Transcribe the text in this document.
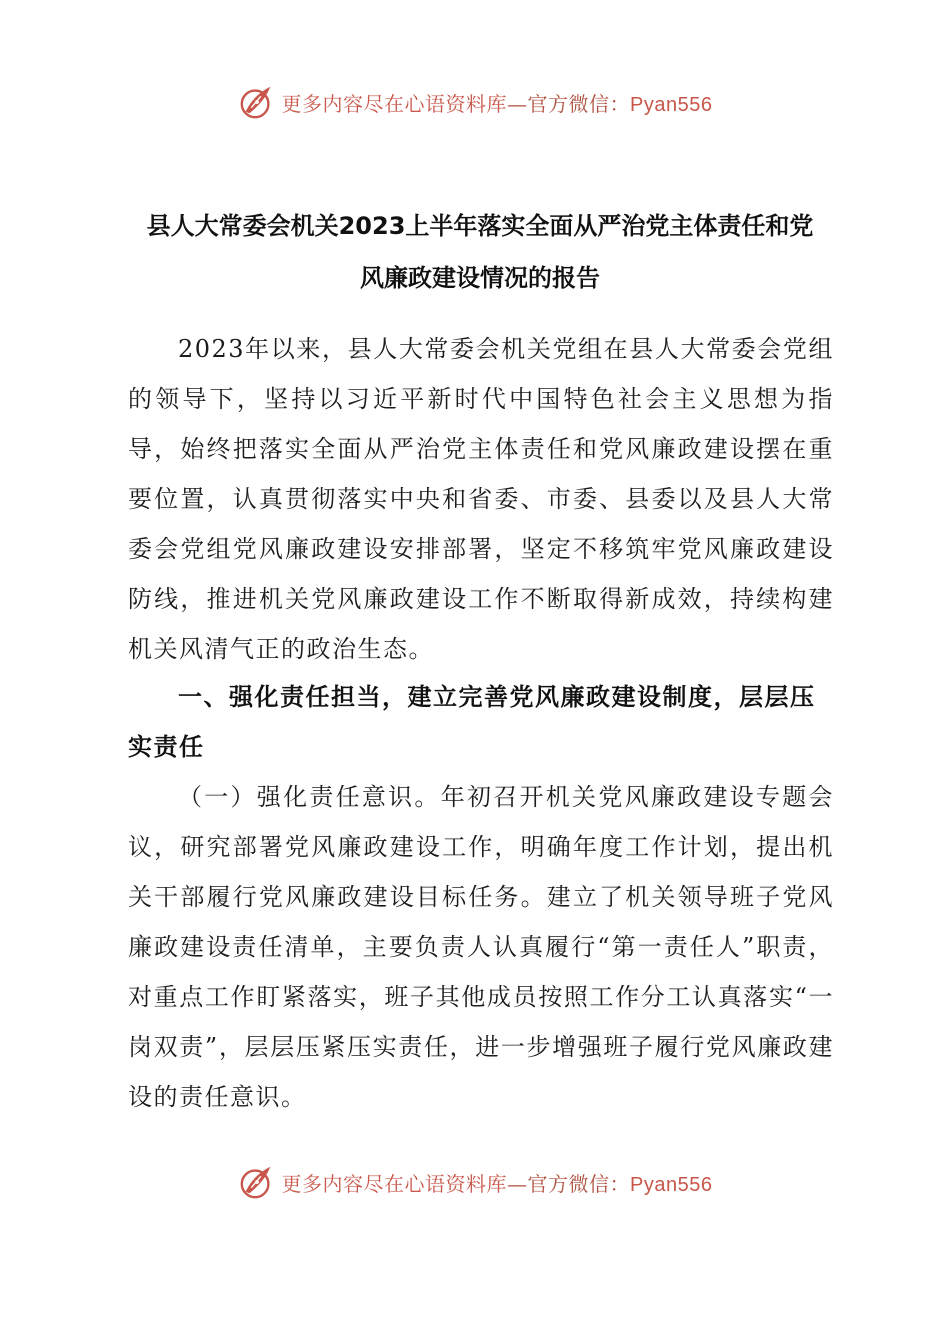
更多内容尽在心语资料库—官方微信：Pyan556
县人大常委会机关2023上半年落实全面从严治党主体责任和党
风廉政建设情况的报告

2023年以来，县人大常委会机关党组在县人大常委会党组的领导下，坚持以习近平新时代中国特色社会主义思想为指导，始终把落实全面从严治党主体责任和党风廉政建设摆在重要位置，认真贯彻落实中央和省委、市委、县委以及县人大常委会党组党风廉政建设安排部署，坚定不移筑牢党风廉政建设防线，推进机关党风廉政建设工作不断取得新成效，持续构建机关风清气正的政治生态。

一、强化责任担当，建立完善党风廉政建设制度，层层压实责任

（一）强化责任意识。年初召开机关党风廉政建设专题会议，研究部署党风廉政建设工作，明确年度工作计划，提出机关干部履行党风廉政建设目标任务。建立了机关领导班子党风廉政建设责任清单，主要负责人认真履行“第一责任人”职责，对重点工作盯紧落实，班子其他成员按照工作分工认真落实“一岗双责”，层层压紧压实责任，进一步增强班子履行党风廉政建设的责任意识。

更多内容尽在心语资料库—官方微信：Pyan556
